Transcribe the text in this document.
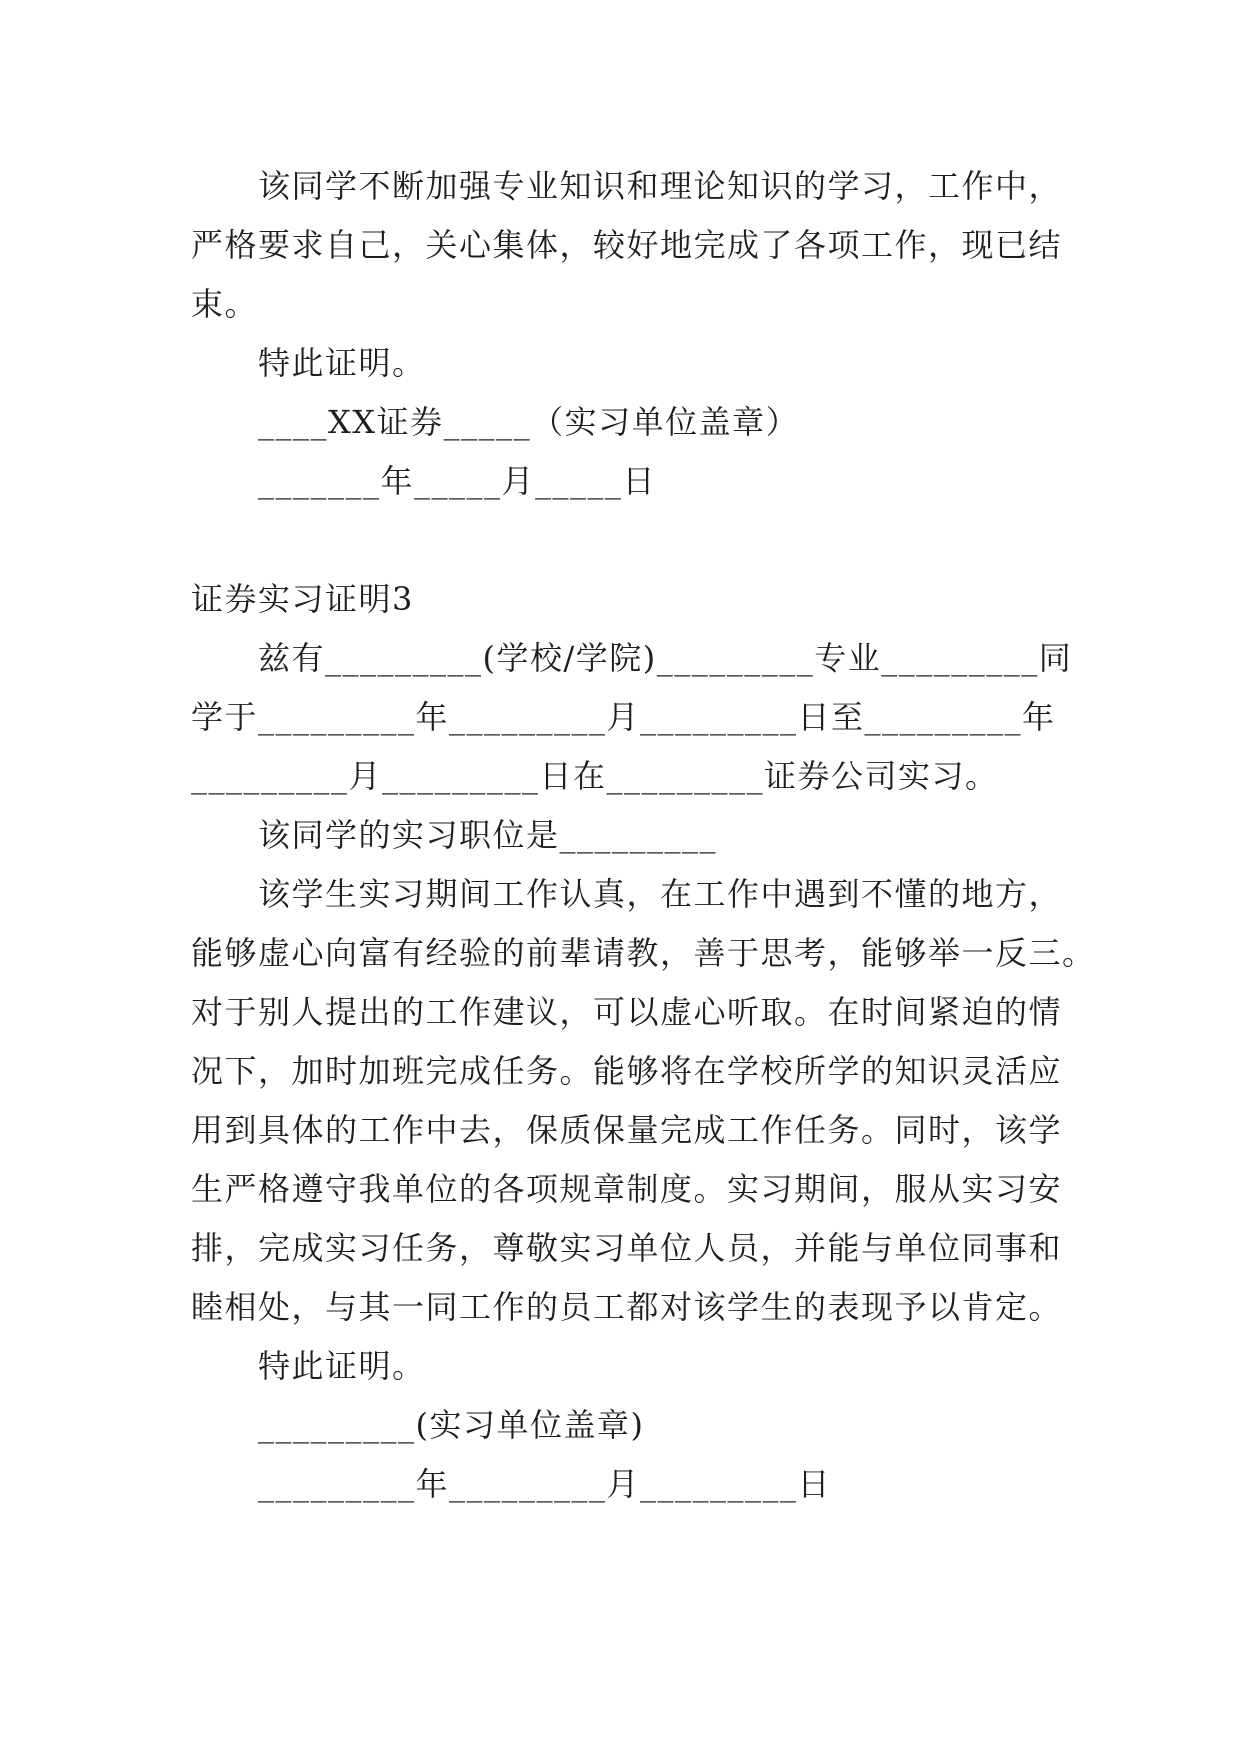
该同学不断加强专业知识和理论知识的学习，工作中，
严格要求自己，关心集体，较好地完成了各项工作，现已结
束。
特此证明。
____XX证券_____（实习单位盖章）
_______年_____月_____日
证券实习证明3
兹有_________(学校/学院)_________专业_________同
学于_________年_________月_________日至_________年
_________月_________日在_________证券公司实习。
该同学的实习职位是_________
该学生实习期间工作认真，在工作中遇到不懂的地方，
能够虚心向富有经验的前辈请教，善于思考，能够举一反三。
对于别人提出的工作建议，可以虚心听取。在时间紧迫的情
况下，加时加班完成任务。能够将在学校所学的知识灵活应
用到具体的工作中去，保质保量完成工作任务。同时，该学
生严格遵守我单位的各项规章制度。实习期间，服从实习安
排，完成实习任务，尊敬实习单位人员，并能与单位同事和
睦相处，与其一同工作的员工都对该学生的表现予以肯定。
特此证明。
_________(实习单位盖章)
_________年_________月_________日
